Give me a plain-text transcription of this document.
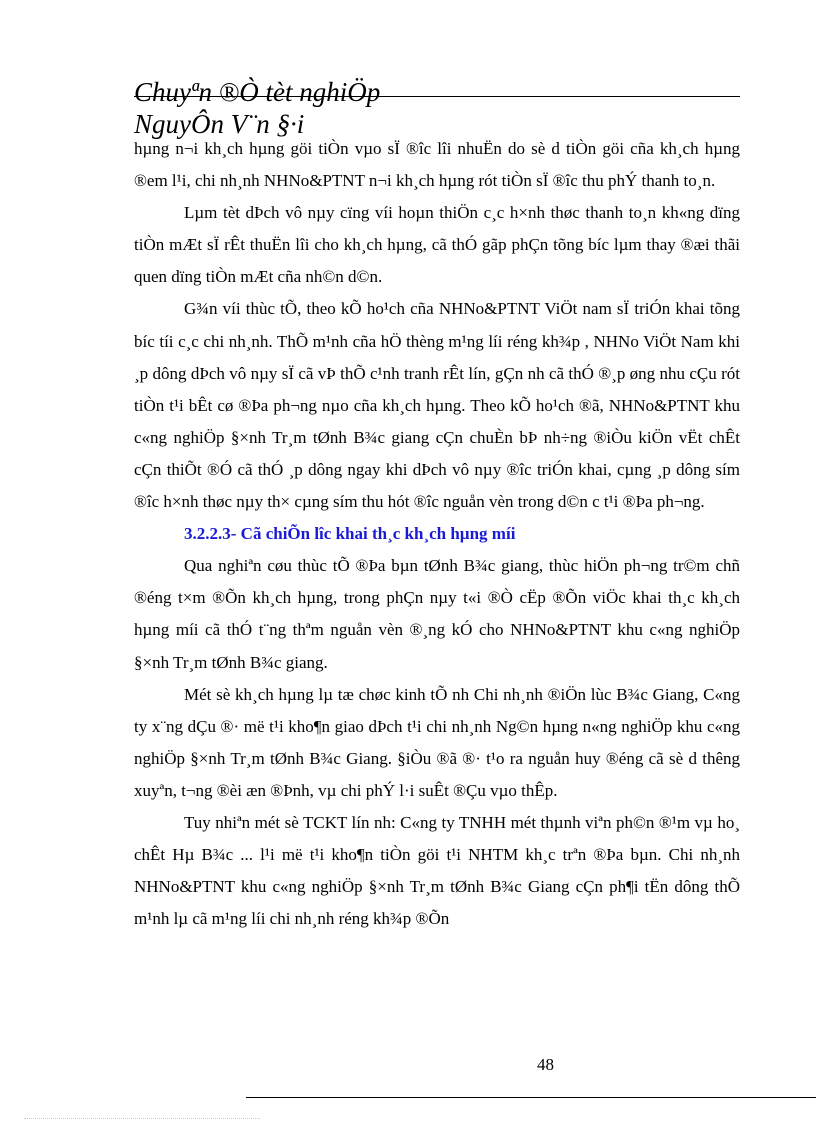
Chuyªn ®Ò tèt nghiÖp
NguyÔn V¨n §·i

hµng n¬i kh¸ch hµng göi tiÒn vµo sÏ ®îc lîi nhuËn do sè d tiÒn göi cña kh¸ch hµng ®em l¹i, chi nh¸nh NHNo&PTNT n¬i kh¸ch hµng rót tiÒn sÏ ®îc thu phÝ thanh to¸n.

Lµm tèt dÞch vô nµy cïng víi hoµn thiÖn c¸c h×nh thøc thanh to¸n kh«ng dïng tiÒn mÆt sÏ rÊt thuËn lîi cho kh¸ch hµng, cã thÓ gãp phÇn tõng bíc lµm thay ®æi thãi quen dïng tiÒn mÆt cña nh©n d©n.

G¾n víi thùc tÕ, theo kÕ ho¹ch cña NHNo&PTNT ViÖt nam sÏ triÓn khai tõng bíc tíi c¸c chi nh¸nh. ThÕ m¹nh cña hÖ thèng m¹ng líi réng kh¾p , NHNo ViÖt Nam khi ¸p dông dÞch vô nµy sÏ cã vÞ thÕ c¹nh tranh rÊt lín, gÇn nh cã thÓ ®¸p øng nhu cÇu rót tiÒn t¹i bÊt cø ®Þa ph¬ng nµo cña kh¸ch hµng. Theo kÕ ho¹ch ®ã, NHNo&PTNT khu c«ng nghiÖp §×nh Tr¸m tØnh B¾c giang cÇn chuÈn bÞ nh÷ng ®iÒu kiÖn vËt chÊt cÇn thiÕt ®Ó cã thÓ ¸p dông ngay khi dÞch vô nµy ®îc triÓn khai, cµng ¸p dông sím ®îc h×nh thøc nµy th× cµng sím thu hót ®îc nguån vèn trong d©n c t¹i ®Þa ph¬ng.

3.2.2.3- Cã chiÕn lîc khai th¸c kh¸ch hµng míi

Qua nghiªn cøu thùc tÕ ®Þa bµn tØnh B¾c giang, thùc hiÖn ph¬ng tr©m chñ ®éng t×m ®Õn kh¸ch hµng, trong phÇn nµy t«i ®Ò cËp ®Õn viÖc khai th¸c kh¸ch hµng míi cã thÓ t¨ng thªm nguån vèn ®¸ng kÓ cho NHNo&PTNT khu c«ng nghiÖp §×nh Tr¸m tØnh B¾c giang.

Mét sè kh¸ch hµng lµ tæ chøc kinh tÕ nh Chi nh¸nh ®iÖn lùc B¾c Giang, C«ng ty x¨ng dÇu ®· më t¹i kho¶n giao dÞch t¹i chi nh¸nh Ng©n hµng n«ng nghiÖp khu c«ng nghiÖp §×nh Tr¸m tØnh B¾c Giang. §iÒu ®ã ®· t¹o ra nguån huy ®éng cã sè d thêng xuyªn, t¬ng ®èi æn ®Þnh, vµ chi phÝ l·i suÊt ®Çu vµo thÊp.

Tuy nhiªn mét sè TCKT lín nh: C«ng ty TNHH mét thµnh viªn ph©n ®¹m vµ ho¸ chÊt Hµ B¾c ... l¹i më t¹i kho¶n tiÒn göi t¹i NHTM kh¸c trªn ®Þa bµn. Chi nh¸nh NHNo&PTNT khu c«ng nghiÖp §×nh Tr¸m tØnh B¾c Giang cÇn ph¶i tËn dông thÕ m¹nh lµ cã m¹ng líi chi nh¸nh réng kh¾p ®Õn

48
